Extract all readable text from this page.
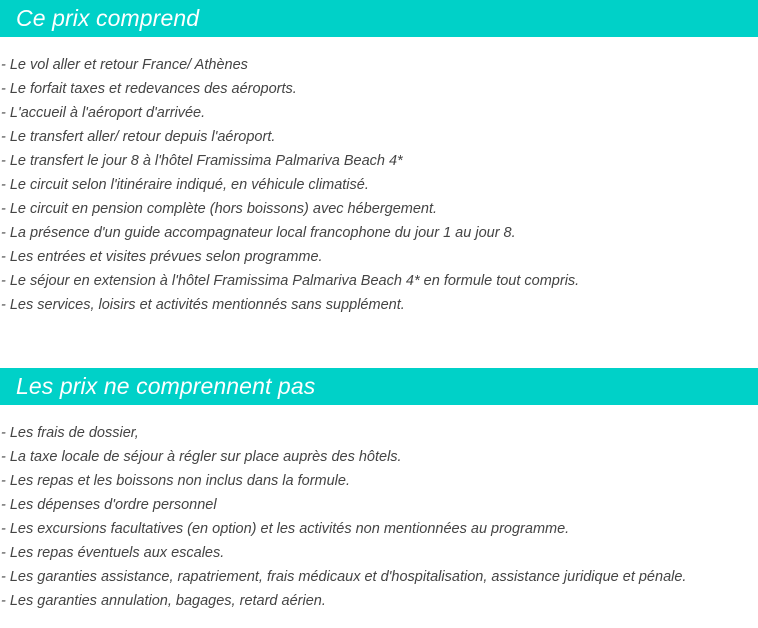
Ce prix comprend
- Le vol aller et retour France/ Athènes
- Le forfait taxes et redevances des aéroports.
- L'accueil à l'aéroport d'arrivée.
- Le transfert aller/ retour depuis l'aéroport.
- Le transfert le jour 8 à l'hôtel Framissima Palmariva Beach 4*
- Le circuit selon l'itinéraire indiqué, en véhicule climatisé.
- Le circuit en pension complète (hors boissons) avec hébergement.
- La présence d'un guide accompagnateur local francophone du jour 1 au jour 8.
- Les entrées et visites prévues selon programme.
- Le séjour en extension à l'hôtel Framissima Palmariva Beach 4* en formule tout compris.
- Les services, loisirs et activités mentionnés sans supplément.
Les prix ne comprennent pas
- Les frais de dossier,
- La taxe locale de séjour à régler sur place auprès des hôtels.
- Les repas et les boissons non inclus dans la formule.
- Les dépenses d'ordre personnel
- Les excursions facultatives (en option) et les activités non mentionnées au programme.
- Les repas éventuels aux escales.
- Les garanties assistance, rapatriement, frais médicaux et d'hospitalisation, assistance juridique et pénale.
- Les garanties annulation, bagages, retard aérien.
